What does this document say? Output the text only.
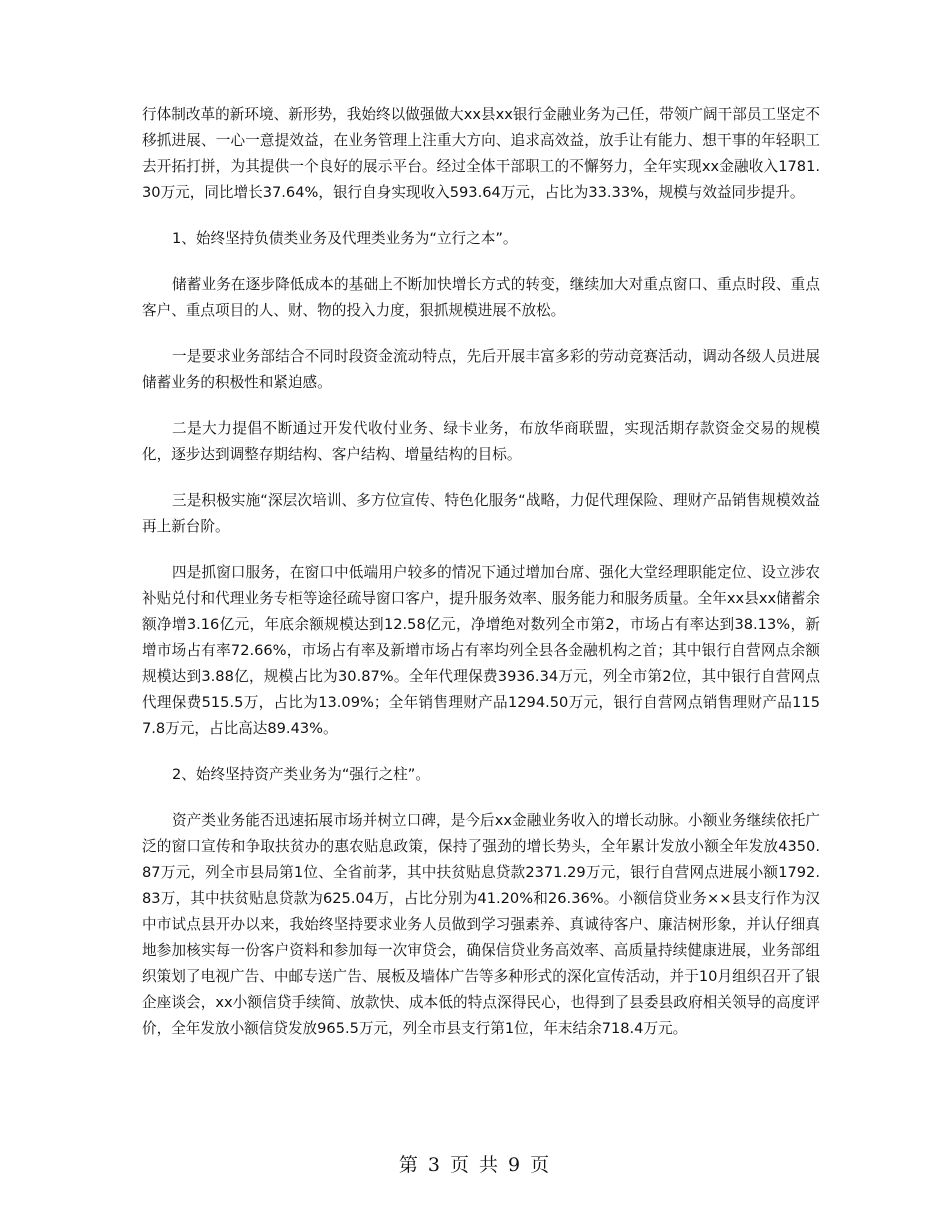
行体制改革的新环境、新形势，我始终以做强做大xx县xx银行金融业务为己任，带领广阔干部员工坚定不移抓进展、一心一意提效益，在业务管理上注重大方向、追求高效益，放手让有能力、想干事的年轻职工去开拓打拼，为其提供一个良好的展示平台。经过全体干部职工的不懈努力，全年实现xx金融收入1781.30万元，同比增长37.64%，银行自身实现收入593.64万元，占比为33.33%，规模与效益同步提升。

1、始终坚持负债类业务及代理类业务为“立行之本”。

储蓄业务在逐步降低成本的基础上不断加快增长方式的转变，继续加大对重点窗口、重点时段、重点客户、重点项目的人、财、物的投入力度，狠抓规模进展不放松。

一是要求业务部结合不同时段资金流动特点，先后开展丰富多彩的劳动竞赛活动，调动各级人员进展储蓄业务的积极性和紧迫感。

二是大力提倡不断通过开发代收付业务、绿卡业务，布放华商联盟，实现活期存款资金交易的规模化，逐步达到调整存期结构、客户结构、增量结构的目标。

三是积极实施“深层次培训、多方位宣传、特色化服务“战略，力促代理保险、理财产品销售规模效益再上新台阶。

四是抓窗口服务，在窗口中低端用户较多的情况下通过增加台席、强化大堂经理职能定位、设立涉农补贴兑付和代理业务专柜等途径疏导窗口客户，提升服务效率、服务能力和服务质量。全年xx县xx储蓄余额净增3.16亿元，年底余额规模达到12.58亿元，净增绝对数列全市第2，市场占有率达到38.13%，新增市场占有率72.66%，市场占有率及新增市场占有率均列全县各金融机构之首；其中银行自营网点余额规模达到3.88亿，规模占比为30.87%。全年代理保费3936.34万元，列全市第2位，其中银行自营网点代理保费515.5万，占比为13.09%；全年销售理财产品1294.50万元，银行自营网点销售理财产品1157.8万元，占比高达89.43%。

2、始终坚持资产类业务为“强行之柱”。

资产类业务能否迅速拓展市场并树立口碑，是今后xx金融业务收入的增长动脉。小额业务继续依托广泛的窗口宣传和争取扶贫办的惠农贴息政策，保持了强劲的增长势头，全年累计发放小额全年发放4350.87万元，列全市县局第1位、全省前茅，其中扶贫贴息贷款2371.29万元，银行自营网点进展小额1792.83万，其中扶贫贴息贷款为625.04万，占比分别为41.20%和26.36%。小额信贷业务××县支行作为汉中市试点县开办以来，我始终坚持要求业务人员做到学习强素养、真诚待客户、廉洁树形象，并认仔细真地参加核实每一份客户资料和参加每一次审贷会，确保信贷业务高效率、高质量持续健康进展，业务部组织策划了电视广告、中邮专送广告、展板及墙体广告等多种形式的深化宣传活动，并于10月组织召开了银企座谈会，xx小额信贷手续简、放款快、成本低的特点深得民心，也得到了县委县政府相关领导的高度评价，全年发放小额信贷发放965.5万元，列全市县支行第1位，年末结余718.4万元。

第 3 页 共 9 页
